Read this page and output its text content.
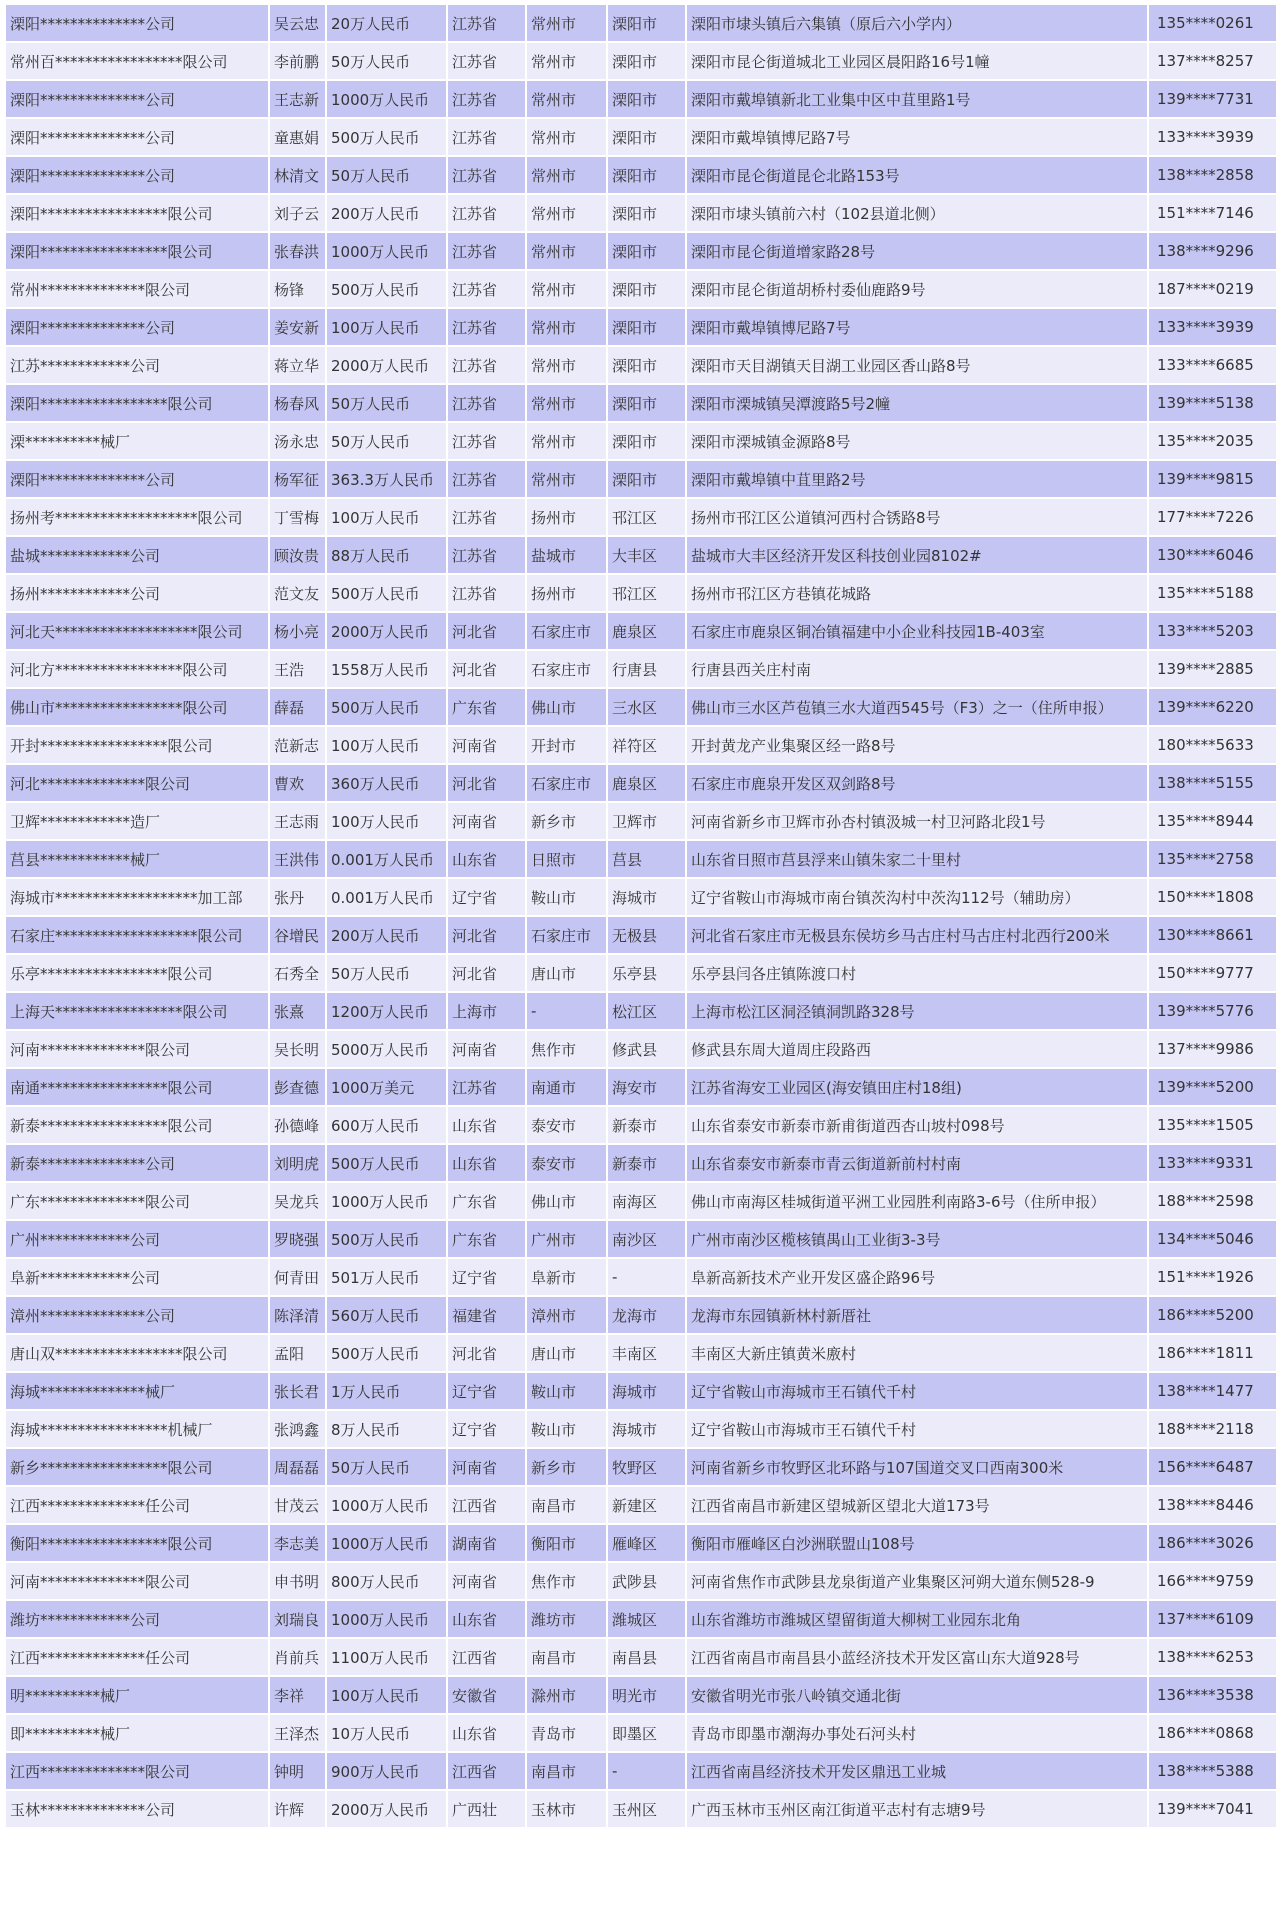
溧阳**************公司	吴云忠	20万人民币	江苏省	常州市	溧阳市	溧阳市埭头镇后六集镇（原后六小学内）	135****0261
常州百*****************限公司	李前鹏	50万人民币	江苏省	常州市	溧阳市	溧阳市昆仑街道城北工业园区晨阳路16号1幢	137****8257
溧阳**************公司	王志新	1000万人民币	江苏省	常州市	溧阳市	溧阳市戴埠镇新北工业集中区中苴里路1号	139****7731
溧阳**************公司	童惠娟	500万人民币	江苏省	常州市	溧阳市	溧阳市戴埠镇博尼路7号	133****3939
溧阳**************公司	林清文	50万人民币	江苏省	常州市	溧阳市	溧阳市昆仑街道昆仑北路153号	138****2858
溧阳*****************限公司	刘子云	200万人民币	江苏省	常州市	溧阳市	溧阳市埭头镇前六村（102县道北侧）	151****7146
溧阳*****************限公司	张春洪	1000万人民币	江苏省	常州市	溧阳市	溧阳市昆仑街道增家路28号	138****9296
常州**************限公司	杨锋	500万人民币	江苏省	常州市	溧阳市	溧阳市昆仑街道胡桥村委仙鹿路9号	187****0219
溧阳**************公司	姜安新	100万人民币	江苏省	常州市	溧阳市	溧阳市戴埠镇博尼路7号	133****3939
江苏************公司	蒋立华	2000万人民币	江苏省	常州市	溧阳市	溧阳市天目湖镇天目湖工业园区香山路8号	133****6685
溧阳*****************限公司	杨春风	50万人民币	江苏省	常州市	溧阳市	溧阳市溧城镇吴潭渡路5号2幢	139****5138
溧**********械厂	汤永忠	50万人民币	江苏省	常州市	溧阳市	溧阳市溧城镇金源路8号	135****2035
溧阳**************公司	杨军征	363.3万人民币	江苏省	常州市	溧阳市	溧阳市戴埠镇中苴里路2号	139****9815
扬州考*******************限公司	丁雪梅	100万人民币	江苏省	扬州市	邗江区	扬州市邗江区公道镇河西村合锈路8号	177****7226
盐城************公司	顾汝贵	88万人民币	江苏省	盐城市	大丰区	盐城市大丰区经济开发区科技创业园8102#	130****6046
扬州************公司	范文友	500万人民币	江苏省	扬州市	邗江区	扬州市邗江区方巷镇花城路	135****5188
河北天*******************限公司	杨小亮	2000万人民币	河北省	石家庄市	鹿泉区	石家庄市鹿泉区铜冶镇福建中小企业科技园1B-403室	133****5203
河北方*****************限公司	王浩	1558万人民币	河北省	石家庄市	行唐县	行唐县西关庄村南	139****2885
佛山市*****************限公司	薛磊	500万人民币	广东省	佛山市	三水区	佛山市三水区芦苞镇三水大道西545号（F3）之一（住所申报）	139****6220
开封*****************限公司	范新志	100万人民币	河南省	开封市	祥符区	开封黄龙产业集聚区经一路8号	180****5633
河北**************限公司	曹欢	360万人民币	河北省	石家庄市	鹿泉区	石家庄市鹿泉开发区双剑路8号	138****5155
卫辉************造厂	王志雨	100万人民币	河南省	新乡市	卫辉市	河南省新乡市卫辉市孙杏村镇汲城一村卫河路北段1号	135****8944
莒县************械厂	王洪伟	0.001万人民币	山东省	日照市	莒县	山东省日照市莒县浮来山镇朱家二十里村	135****2758
海城市*******************加工部	张丹	0.001万人民币	辽宁省	鞍山市	海城市	辽宁省鞍山市海城市南台镇茨沟村中茨沟112号（辅助房）	150****1808
石家庄*******************限公司	谷增民	200万人民币	河北省	石家庄市	无极县	河北省石家庄市无极县东侯坊乡马古庄村马古庄村北西行200米	130****8661
乐亭*****************限公司	石秀全	50万人民币	河北省	唐山市	乐亭县	乐亭县闫各庄镇陈渡口村	150****9777
上海天*****************限公司	张熹	1200万人民币	上海市	-	松江区	上海市松江区洞泾镇洞凯路328号	139****5776
河南**************限公司	吴长明	5000万人民币	河南省	焦作市	修武县	修武县东周大道周庄段路西	137****9986
南通*****************限公司	彭查德	1000万美元	江苏省	南通市	海安市	江苏省海安工业园区(海安镇田庄村18组)	139****5200
新泰*****************限公司	孙德峰	600万人民币	山东省	泰安市	新泰市	山东省泰安市新泰市新甫街道西杏山坡村098号	135****1505
新泰**************公司	刘明虎	500万人民币	山东省	泰安市	新泰市	山东省泰安市新泰市青云街道新前村村南	133****9331
广东**************限公司	吴龙兵	1000万人民币	广东省	佛山市	南海区	佛山市南海区桂城街道平洲工业园胜利南路3-6号（住所申报）	188****2598
广州************公司	罗晓强	500万人民币	广东省	广州市	南沙区	广州市南沙区榄核镇禺山工业街3-3号	134****5046
阜新************公司	何青田	501万人民币	辽宁省	阜新市	-	阜新高新技术产业开发区盛企路96号	151****1926
漳州**************公司	陈泽清	560万人民币	福建省	漳州市	龙海市	龙海市东园镇新林村新厝社	186****5200
唐山双*****************限公司	孟阳	500万人民币	河北省	唐山市	丰南区	丰南区大新庄镇黄米廒村	186****1811
海城**************械厂	张长君	1万人民币	辽宁省	鞍山市	海城市	辽宁省鞍山市海城市王石镇代千村	138****1477
海城*****************机械厂	张鸿鑫	8万人民币	辽宁省	鞍山市	海城市	辽宁省鞍山市海城市王石镇代千村	188****2118
新乡*****************限公司	周磊磊	50万人民币	河南省	新乡市	牧野区	河南省新乡市牧野区北环路与107国道交叉口西南300米	156****6487
江西**************任公司	甘茂云	1000万人民币	江西省	南昌市	新建区	江西省南昌市新建区望城新区望北大道173号	138****8446
衡阳*****************限公司	李志美	1000万人民币	湖南省	衡阳市	雁峰区	衡阳市雁峰区白沙洲联盟山108号	186****3026
河南**************限公司	申书明	800万人民币	河南省	焦作市	武陟县	河南省焦作市武陟县龙泉街道产业集聚区河朔大道东侧528-9	166****9759
潍坊************公司	刘瑞良	1000万人民币	山东省	潍坊市	潍城区	山东省潍坊市潍城区望留街道大柳树工业园东北角	137****6109
江西**************任公司	肖前兵	1100万人民币	江西省	南昌市	南昌县	江西省南昌市南昌县小蓝经济技术开发区富山东大道928号	138****6253
明**********械厂	李祥	100万人民币	安徽省	滁州市	明光市	安徽省明光市张八岭镇交通北街	136****3538
即**********械厂	王泽杰	10万人民币	山东省	青岛市	即墨区	青岛市即墨市潮海办事处石河头村	186****0868
江西**************限公司	钟明	900万人民币	江西省	南昌市	-	江西省南昌经济技术开发区鼎迅工业城	138****5388
玉林**************公司	许辉	2000万人民币	广西壮	玉林市	玉州区	广西玉林市玉州区南江街道平志村有志塘9号	139****7041
